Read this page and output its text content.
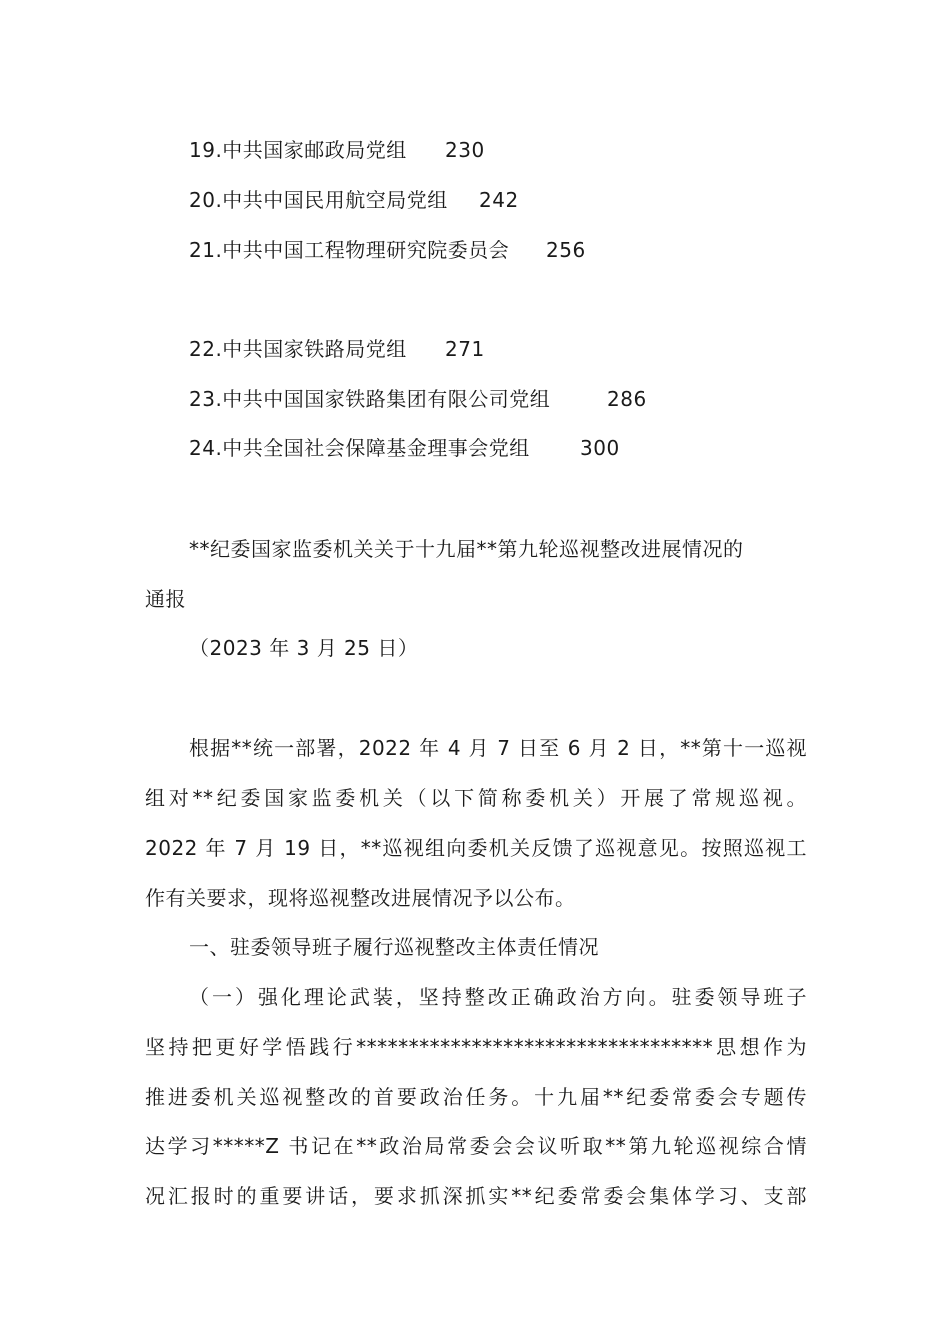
19.中共国家邮政局党组 230
20.中共中国民用航空局党组 242
21.中共中国工程物理研究院委员会 256
22.中共国家铁路局党组 271
23.中共中国国家铁路集团有限公司党组	286
24.中共全国社会保障基金理事会党组	300
**纪委国家监委机关关于十九届**第九轮巡视整改进展情况的
通报
（2023 年 3 月 25 日）
根据**统一部署，2022 年 4 月 7 日至 6 月 2 日，**第十一巡视
组对**纪委国家监委机关（以下简称委机关）开展了常规巡视。
2022 年 7 月 19 日，**巡视组向委机关反馈了巡视意见。按照巡视工
作有关要求，现将巡视整改进展情况予以公布。
一、驻委领导班子履行巡视整改主体责任情况
（一）强化理论武装，坚持整改正确政治方向。驻委领导班子
坚持把更好学悟践行**********************************思想作为
推进委机关巡视整改的首要政治任务。十九届**纪委常委会专题传
达学习*****Z 书记在**政治局常委会会议听取**第九轮巡视综合情
况汇报时的重要讲话，要求抓深抓实**纪委常委会集体学习、支部
